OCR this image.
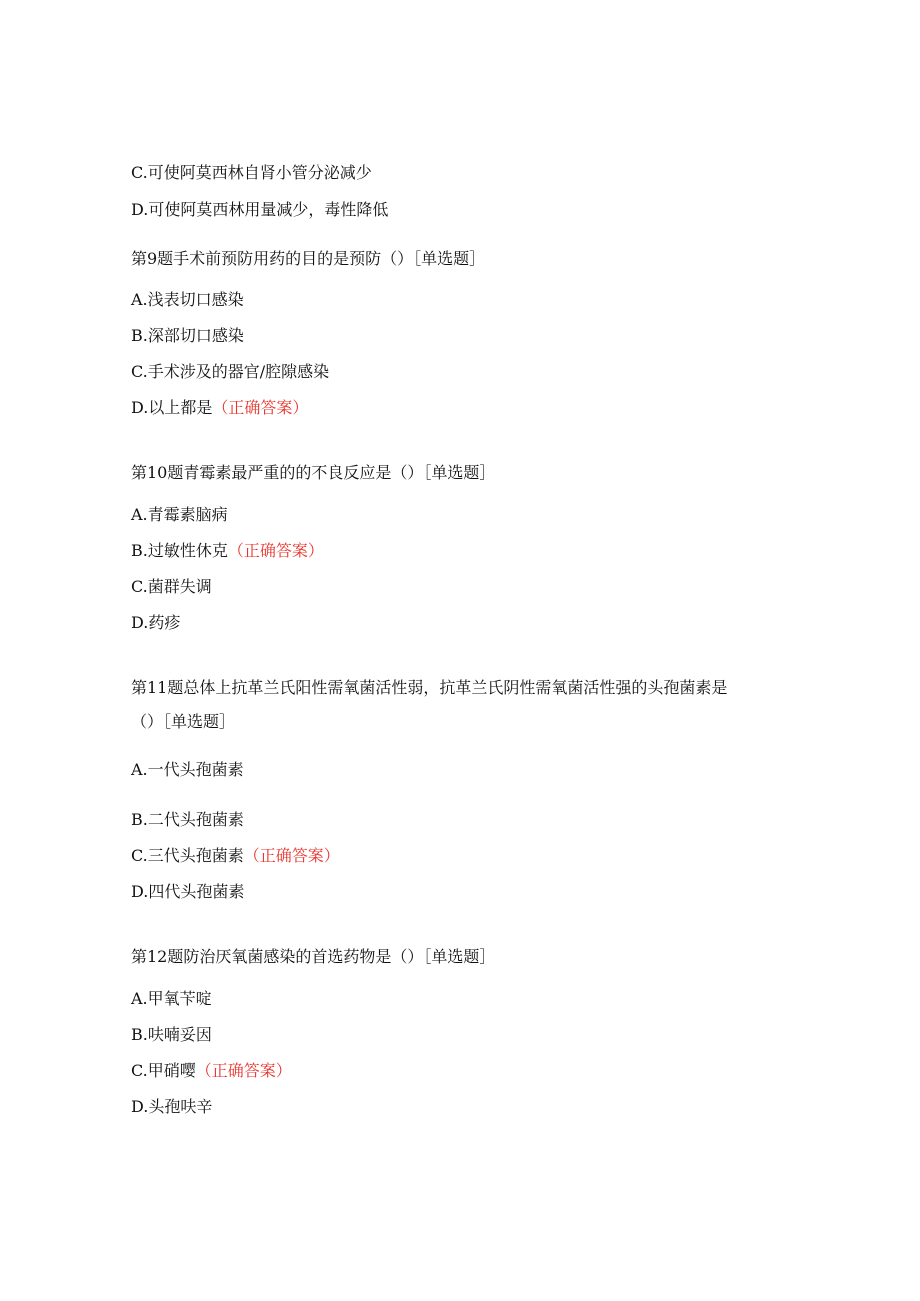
C.可使阿莫西林自肾小管分泌减少
D.可使阿莫西林用量减少，毒性降低
第9题手术前预防用药的目的是预防（）［单选题］
A.浅表切口感染
B.深部切口感染
C.手术涉及的器官/腔隙感染
D.以上都是（正确答案）
第10题青霉素最严重的的不良反应是（）［单选题］
A.青霉素脑病
B.过敏性休克（正确答案）
C.菌群失调
D.药疹
第11题总体上抗革兰氏阳性需氧菌活性弱，抗革兰氏阴性需氧菌活性强的头孢菌素是
（）［单选题］
A.一代头孢菌素
B.二代头孢菌素
C.三代头孢菌素（正确答案）
D.四代头孢菌素
第12题防治厌氧菌感染的首选药物是（）［单选题］
A.甲氧苄啶
B.呋喃妥因
C.甲硝嘤（正确答案）
D.头孢呋辛
